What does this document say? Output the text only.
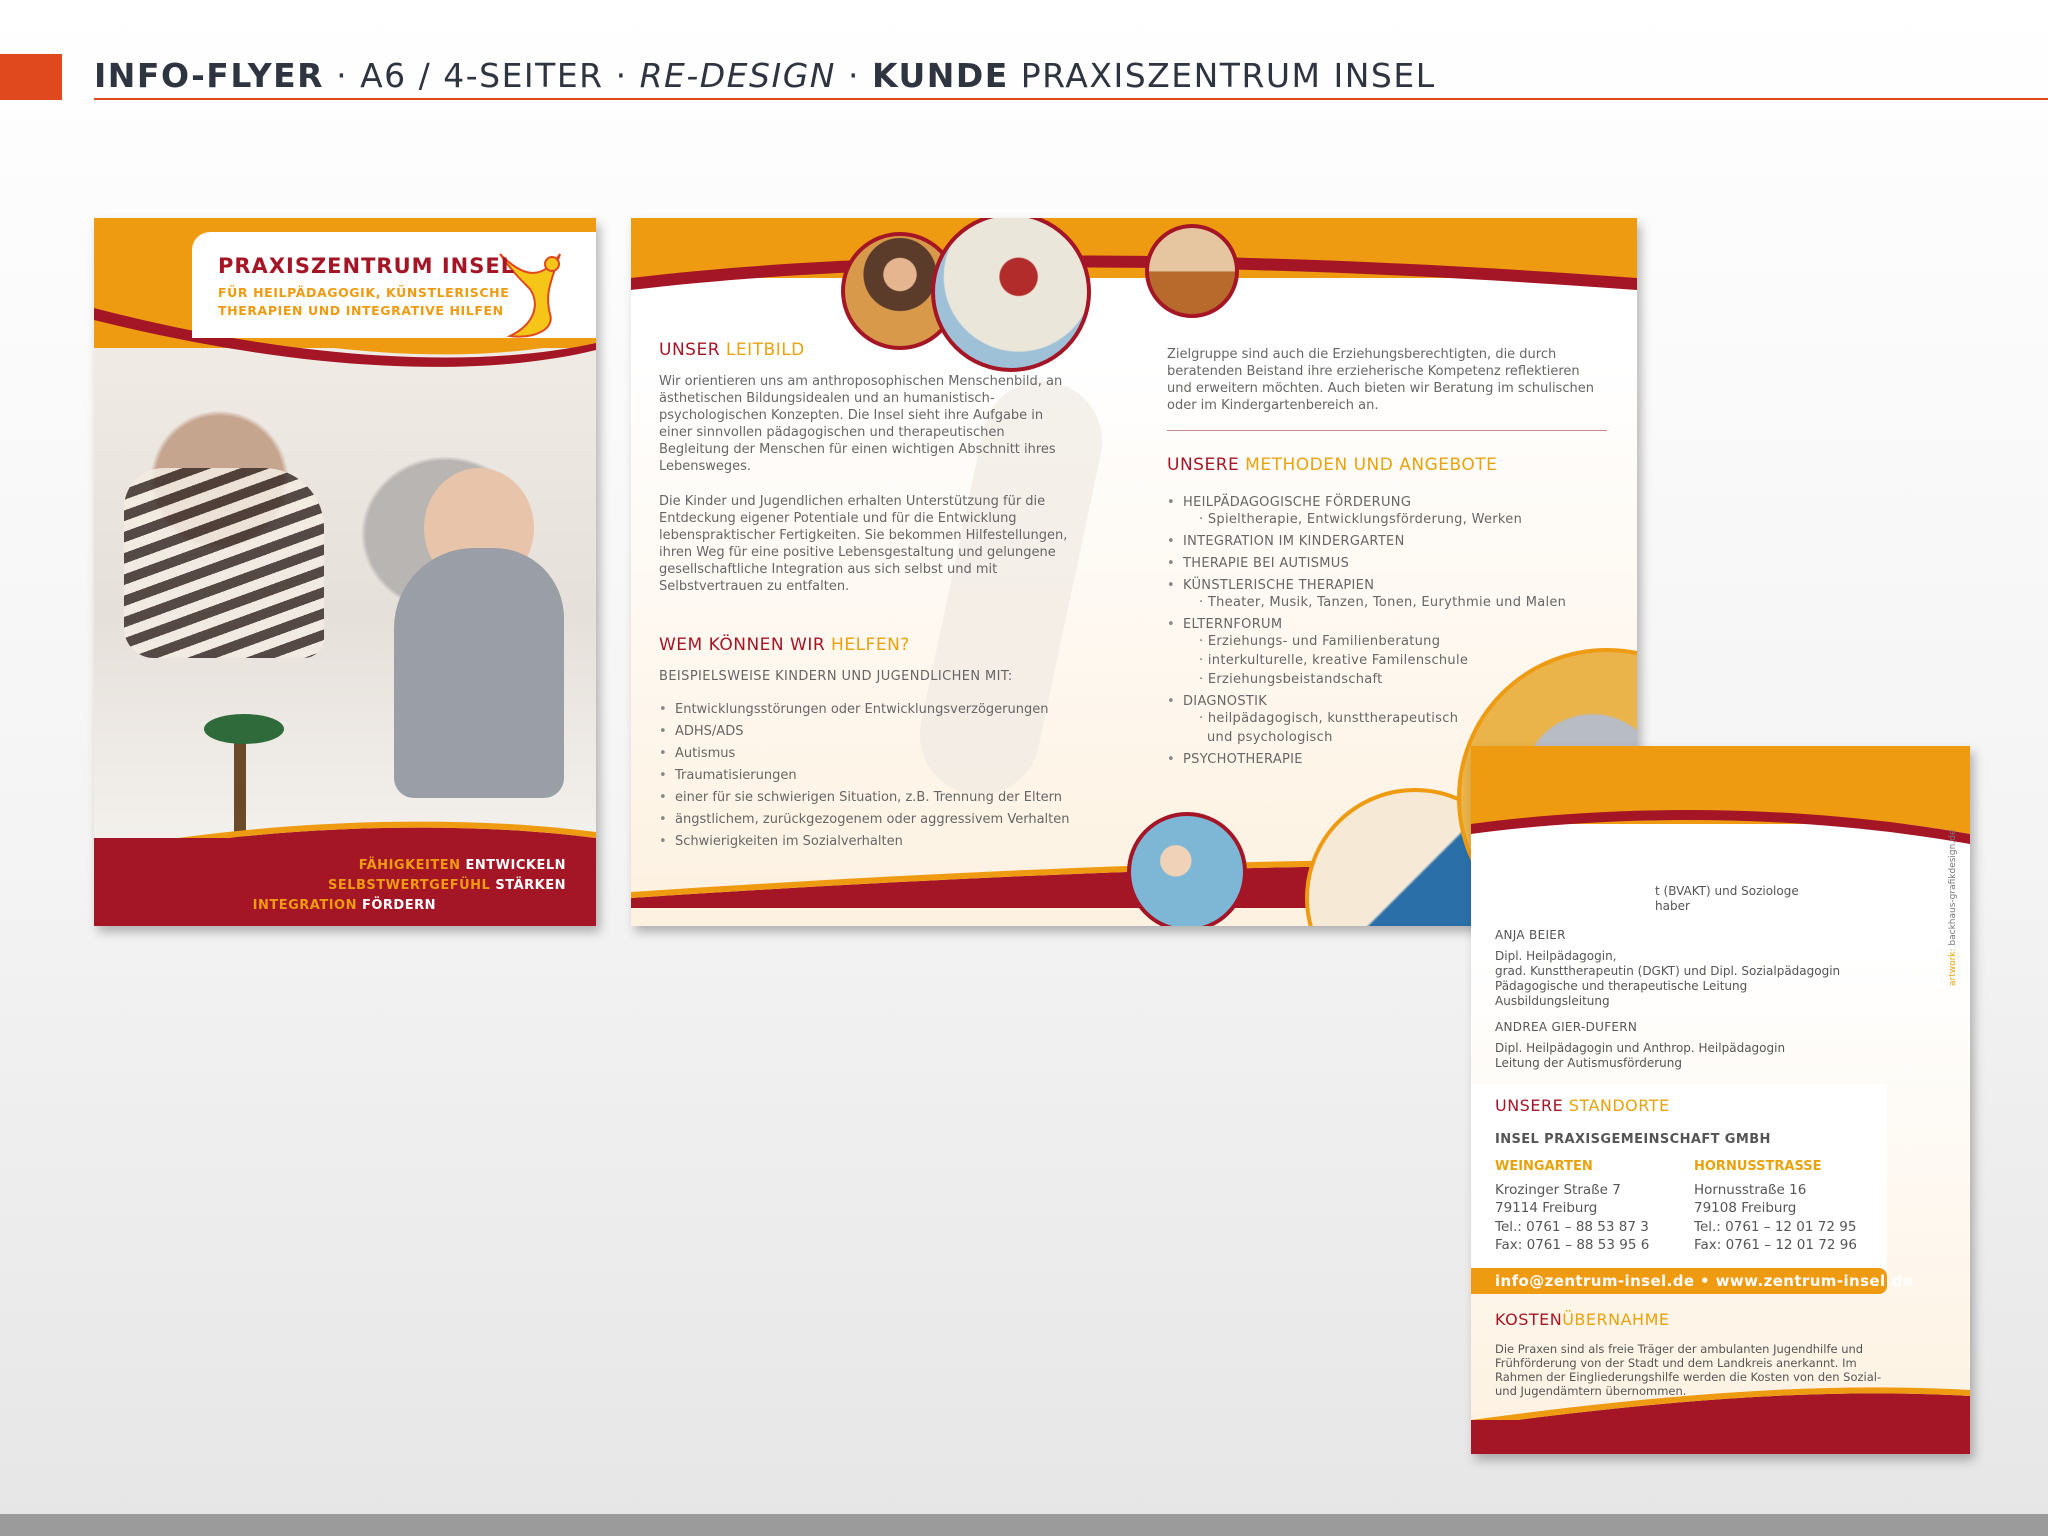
INFO-FLYER · A6 / 4-SEITER · RE-DESIGN · KUNDE PRAXISZENTRUM INSEL
PRAXISZENTRUM INSEL
FÜR HEILPÄDAGOGIK, KÜNSTLERISCHE
THERAPIEN UND INTEGRATIVE HILFEN
FÄHIGKEITEN ENTWICKELN
SELBSTWERTGEFÜHL STÄRKEN
INTEGRATION FÖRDERN
UNSER LEITBILD

Wir orientieren uns am anthroposophischen Menschenbild, an ästhetischen Bildungsidealen und an humanistisch-psychologischen Konzepten. Die Insel sieht ihre Aufgabe in einer sinnvollen pädagogischen und therapeutischen Begleitung der Menschen für einen wichtigen Abschnitt ihres Lebensweges.

Die Kinder und Jugendlichen erhalten Unterstützung für die Entdeckung eigener Potentiale und für die Entwicklung lebenspraktischer Fertigkeiten. Sie bekommen Hilfestellungen, ihren Weg für eine positive Lebensgestaltung und gelungene gesellschaftliche Integration aus sich selbst und mit Selbstvertrauen zu entfalten.

WEM KÖNNEN WIR HELFEN?
BEISPIELSWEISE KINDERN UND JUGENDLICHEN MIT:
• Entwicklungsstörungen oder Entwicklungsverzögerungen
• ADHS/ADS
• Autismus
• Traumatisierungen
• einer für sie schwierigen Situation, z.B. Trennung der Eltern
• ängstlichem, zurückgezogenem oder aggressivem Verhalten
• Schwierigkeiten im Sozialverhalten

Zielgruppe sind auch die Erziehungsberechtigten, die durch beratenden Beistand ihre erzieherische Kompetenz reflektieren und erweitern möchten. Auch bieten wir Beratung im schulischen oder im Kindergartenbereich an.

UNSERE METHODEN UND ANGEBOTE
• HEILPÄDAGOGISCHE FÖRDERUNG
· Spieltherapie, Entwicklungsförderung, Werken
• INTEGRATION IM KINDERGARTEN
• THERAPIE BEI AUTISMUS
• KÜNSTLERISCHE THERAPIEN
· Theater, Musik, Tanzen, Tonen, Eurythmie und Malen
• ELTERNFORUM
· Erziehungs- und Familienberatung
· interkulturelle, kreative Familenschule
· Erziehungsbeistandschaft
• DIAGNOSTIK
· heilpädagogisch, kunsttherapeutisch
und psychologisch
• PSYCHOTHERAPIE
t (BVAKT) und Soziologe
haber
ANJA BEIER
Dipl. Heilpädagogin,
grad. Kunsttherapeutin (DGKT) und Dipl. Sozialpädagogin
Pädagogische und therapeutische Leitung
Ausbildungsleitung
ANDREA GIER-DUFERN
Dipl. Heilpädagogin und Anthrop. Heilpädagogin
Leitung der Autismusförderung
UNSERE STANDORTE
INSEL PRAXISGEMEINSCHAFT GMBH
WEINGARTEN
Krozinger Straße 7
79114 Freiburg
Tel.: 0761 – 88 53 87 3
Fax: 0761 – 88 53 95 6
HORNUSSTRASSE
Hornusstraße 16
79108 Freiburg
Tel.: 0761 – 12 01 72 95
Fax: 0761 – 12 01 72 96
info@zentrum-insel.de • www.zentrum-insel.de
KOSTENÜBERNAHME
Die Praxen sind als freie Träger der ambulanten Jugendhilfe und Frühförderung von der Stadt und dem Landkreis anerkannt. Im Rahmen der Eingliederungshilfe werden die Kosten von den Sozial- und Jugendämtern übernommen.
artwork: backhaus-grafikdesign.de
